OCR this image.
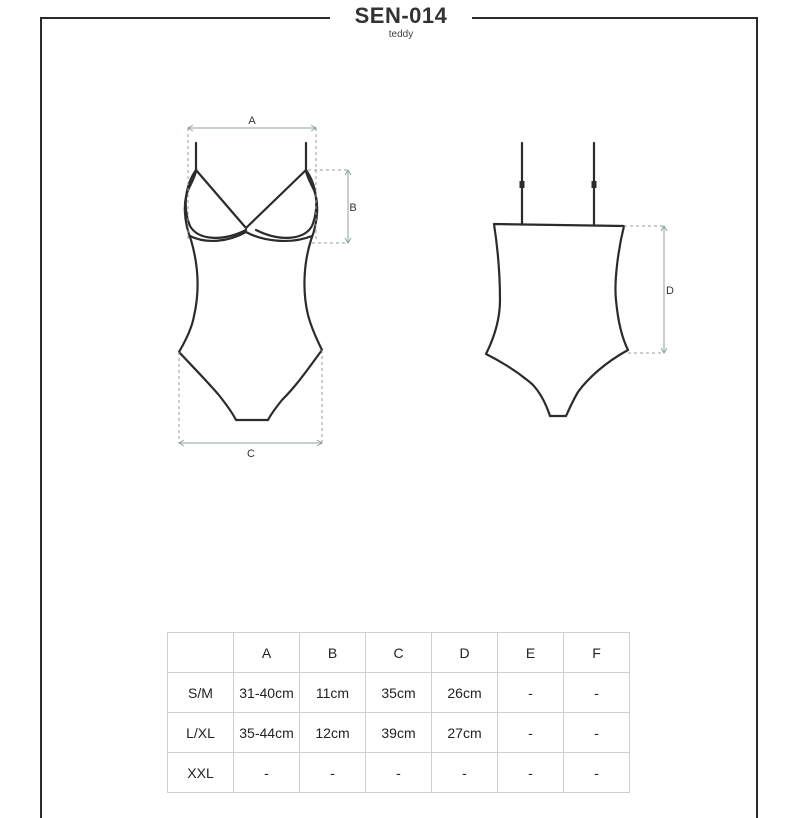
SEN-014
teddy
A
B
C
D
	A	B	C	D	E	F
S/M	31-40cm	11cm	35cm	26cm	-	-
L/XL	35-44cm	12cm	39cm	27cm	-	-
XXL	-	-	-	-	-	-
